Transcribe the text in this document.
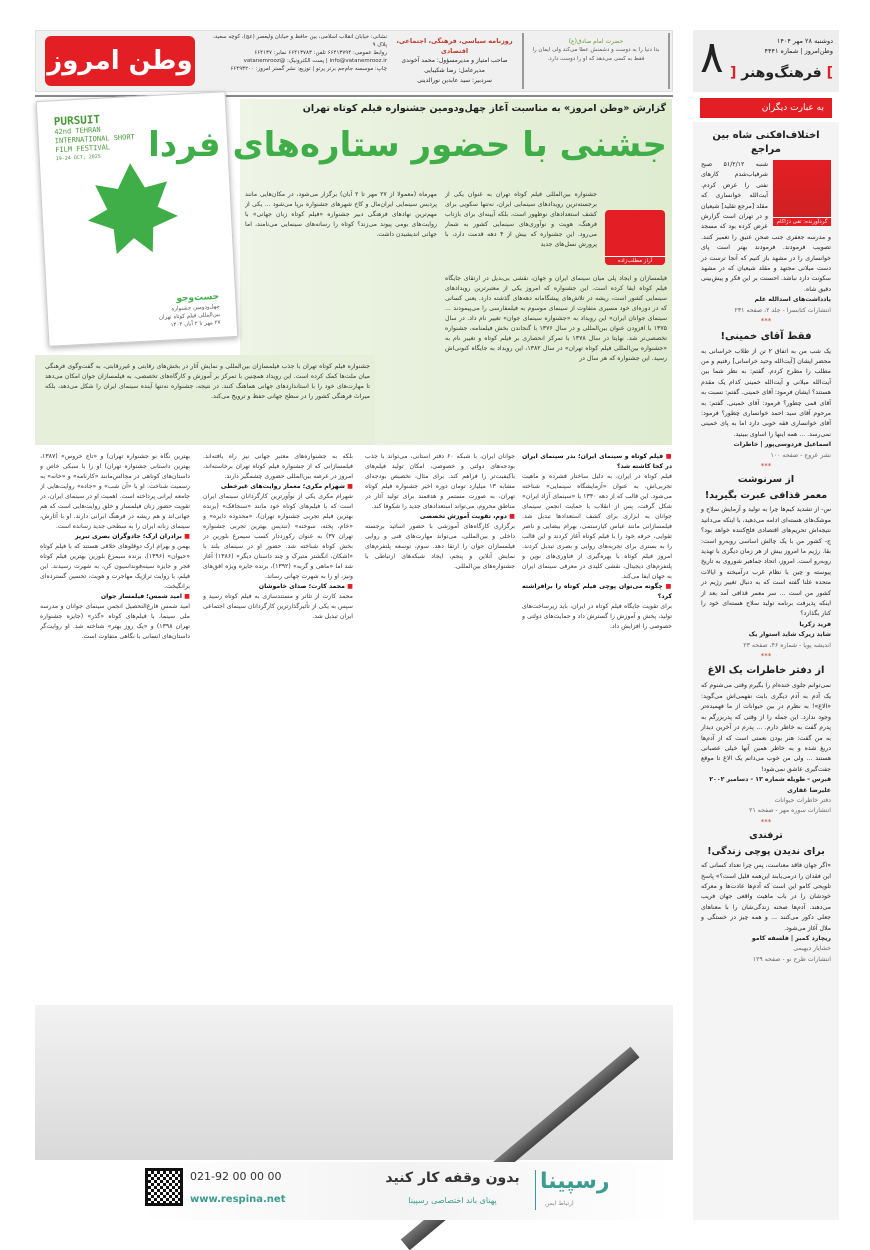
وطن امروز
نشانی: خیابان انقلاب اسلامی، بین حافظ و خیابان ولیعصر (عج)، کوچه سعید، پلاک ۹
روابط عمومی: ۶۶۴۱۳۷۹۴ تلفن: ۶۶۴۱۳۷۸۳ نمابر: ۶۶۴۱۳۷
info@vatanemrooz.ir | پست الکترونیک: @vatanemrooz
چاپ: موسسه جام‌جم برتر پرتو | توزیع: نشر گستر امروز: ۶۶۴۹۳۲۰۰
روزنامه سیاسی، فرهنگی، اجتماعی، اقتصادی
صاحب امتیاز و مدیرمسؤول: محمد آخوندی
مدیرعامل: رضا شکیبایی
سردبیر: سید عابدین نورالدینی
حضرت امام صادق(ع)
بدا دنیا را به دوست و دشمنش عطا می‌کند ولی ایمان را فقط به کسی می‌دهد که او را دوست دارد.	۸	دوشنبه ۲۸ مهر ۱۴۰۴
وطن‌امروز | شماره ۴۴۴۱
] فرهنگ‌وهنر [
به عبارت دیگران
اختلاف‌افکنی شاه بین مراجع
گردآورنده: تقی دژاکام

شنبه ۵۱/۲/۱۲ صبح شرفیاب‌شدم کارهای نفتی را عرض کردم. آیت‌الله خوانساری که مقلد [مرجع تقلید] شیعیان و در تهران است گزارش عرض کرده بود که مسجد و مدرسه جعفری جنب صحن عتیق را تعمیر کنند. تصویب فرمودند. فرمودند بهتر است پای خوانساری را در مشهد باز کنیم که آنجا ترست در دست میلانی مجتهد و مقلد شیعیان که در مشهد سکونت دارد نباشد. احسنت بر این فکر و پیش‌بینی دقیق شاه.

یادداشت‌های اسدالله علم
انتشارات کتابسرا - جلد ۲، صفحه ۲۳۱
***
فقط آقای خمینی!

یک شب من به اتفاق ۲ تن از طلاب خراسانی به محضر ایشان [آیت‌الله وحید خراسانی] رفتیم و من مطلب را مطرح کردم. گفتم: به نظر شما بین آیت‌الله میلانی و آیت‌الله خمینی کدام یک مقدم هستند؟ ایشان فرمود: آقای خمینی. گفتم: نسبت به آقای قمی چطور؟ فرمود: آقای خمینی. گفتم: به مرحوم آقای سید احمد خوانساری چطور؟ فرمود: آقای خوانساری فقه خوبی دارد اما به پای خمینی نمی‌رسد. ... همه اینها را اساوی ببینید.

اسماعیل فردوسی‌پور | خاطرات
نشر عروج - صفحه ۱۰۰
***
از سرنوشت
معمر قذافی عبرت بگیرید!

س- از تشدید کیم‌ها چرا به تولید و آزمایش سلاح و موشک‌های هسته‌ای ادامه می‌دهید، با اینکه می‌دانید نتیجه‌اش تحریم‌های اقتصادی فلج‌کننده خواهد بود؟ ج- کشور من با یک چالش اساسی روبه‌رو است: بقا. رژیم ما امروز بیش از هر زمان دیگری با تهدید روبه‌رو است. امروز، اتحاد جماهیر شوروی به تاریخ پیوسته و چین با نظام غرب درآمیخته و ایالات متحده علنا گفته است که به دنبال تغییر رژیم در کشور من است ... سر معمر قذافی آمد بعد از اینکه پذیرفت برنامه تولید سلاح هسته‌ای خود را کنار بگذارد؟

فرید زکریا
شاید زیرک شاید استوار یک
اندیشه پویا - شماره ۴۶، صفحه ۲۳
***
از دفتر خاطرات یک الاغ

نمی‌توانم جلوی خنده‌ام را بگیرم وقتی می‌شنوم که یک آدم به آدم دیگری بابت نفهمی‌اش می‌گوید: «الاغ»! به نظرم در بین حیوانات از ما فهمیده‌تر وجود ندارد. این جمله را از وقتی که پدربزرگم به پدرم گفت به خاطر دارم. ... پدرم در آخرین دیدار به من گفت: هنر بودن نعمتی است که از آدم‌ها دریغ شده و به خاطر همین آنها خیلی عصبانی هستند ... ولی من خوب می‌دانم یک الاغ تا موقع جفت‌گیری عاشق نمی‌شود!

قبرس - طویله شماره ۱۳ - دسامبر ۲۰۰۲
علیرضا غفاری
دفتر خاطرات حیوانات
انتشارات سوره مهر - صفحه ۲۱
***
ترفندی
برای ندیدن پوچی زندگی!

«اگر جهان فاقد معناست، پس چرا تعداد کسانی که این فقدان را درمی‌یابند این‌همه قلیل است؟» پاسخ تلویحی کامو این است که آدم‌ها عادت‌ها و معرکه خودشان را در باب ماهیت واقعی جهان فریب می‌دهند. آدم‌ها صحنه زندگی‌شان را با معناهای جعلی دکور می‌کنند ... و همه چیز در خستگی و ملال آغاز می‌شود.

ریچارد کمبر | فلسفه کامو
خشایار دیهیمی
انتشارات طرح نو - صفحه ۱۲۹
PURSUIT
42nd TEHRAN INTERNATIONAL SHORT FILM FESTIVAL
19-24 OCT, 2025
جست‌وجو
چهل‌ودومین جشنواره بین‌المللی فیلم کوتاه تهران
۲۷ مهر تا ۲ آبان ۱۴۰۴
گزارش «وطن امروز» به مناسبت آغاز چهل‌ودومین جشنواره فیلم کوتاه تهران
جشنی با حضور ستاره‌های فردا
آراز مطلب‌زاده
جشنواره بین‌المللی فیلم کوتاه تهران به عنوان یکی از برجسته‌ترین رویدادهای سینمایی ایران، نه‌تنها سکویی برای کشف استعدادهای نوظهور است، بلکه آیینه‌ای برای بازتاب فرهنگ، هویت و نوآوری‌های سینمایی کشور به شمار می‌رود. این جشنواره که بیش از ۴ دهه قدمت دارد، با پرورش نسل‌های جدید
فیلمسازان و ایجاد پلی میان سینمای ایران و جهان، نقشی بی‌بدیل در ارتقای جایگاه فیلم کوتاه ایفا کرده است. این جشنواره که امروز یکی از معتبرترین رویدادهای سینمایی کشور است، ریشه در تلاش‌های پیشگامانه دهه‌های گذشته دارد. یعنی کسانی که در دوره‌ای خود مسیری متفاوت از سینمای موسوم به فیلمفارسی را می‌پیمودند ... سینمای جوانان ایران» این رویداد به «جشنواره سینمای جوان» تغییر نام داد. در سال ۱۳۷۵ با افزودن عنوان بین‌المللی و در سال ۱۳۷۶ با گنجاندن بخش فیلمنامه، جشنواره تخصصی‌تر شد. نهایتا در سال ۱۳۷۸ با تمرکز انحصاری بر فیلم کوتاه و تغییر نام به «جشنواره بین‌المللی فیلم کوتاه تهران» در سال ۱۳۸۲، این رویداد به جایگاه کنونی‌اش رسید. این جشنواره که هر سال در
مهرماه (معمولا از ۲۷ مهر تا ۲ آبان) برگزار می‌شود، در مکان‌هایی مانند پردیس سینمایی ایران‌مال و کاخ شهرهای جشنواره برپا می‌شود ... یکی از مهم‌ترین نهادهای فرهنگی دبیر جشنواره «فیلم کوتاه زبان جهانی» با روایت‌های بومی پیوند می‌زند؟ کوتاه را رسانه‌های سینمایی می‌نامند، اما جهانی اندیشیدن داشت.
جشنواره فیلم کوتاه تهران با جذب فیلمسازان بین‌المللی و نمایش آثار در بخش‌های رقابتی و غیررقابتی، به گفت‌وگوی فرهنگی میان ملت‌ها کمک کرده است. این رویداد همچنین با تمرکز بر آموزش و کارگاه‌های تخصصی، به فیلمسازان جوان امکان می‌دهد تا مهارت‌های خود را با استانداردهای جهانی هماهنگ کنند. در نتیجه، جشنواره نه‌تنها آینده سینمای ایران را شکل می‌دهد، بلکه میراث فرهنگی کشور را در سطح جهانی حفظ و ترویج می‌کند.
■ فیلم کوتاه و سینمای ایران؛ بذر سینمای ایران در کجا کاشته شد؟

فیلم کوتاه در ایران، به دلیل ساختار فشرده و ماهیت تجربی‌اش، به عنوان «آزمایشگاه سینمایی» شناخته می‌شود. این قالب که از دهه ۱۳۴۰ با «سینمای آزاد ایران» شکل گرفت، پس از انقلاب با حمایت انجمن سینمای جوانان به ابزاری برای کشف استعدادها تبدیل شد. فیلمسازانی مانند عباس کیارستمی، بهرام بیضایی و ناصر تقوایی، حرفه خود را با فیلم کوتاه آغاز کردند و این قالب را به بستری برای تجربه‌های روایی و بصری تبدیل کردند. امروز فیلم کوتاه با بهره‌گیری از فناوری‌های نوین و پلتفرم‌های دیجیتال، نقشی کلیدی در معرفی سینمای ایران به جهان ایفا می‌کند.

■ چگونه می‌توان پوچی فیلم کوتاه را برافراشته کرد؟

برای تقویت جایگاه فیلم کوتاه در ایران، باید زیرساخت‌های تولید، پخش و آموزش را گسترش داد و حمایت‌های دولتی و خصوصی را افزایش داد.

جوانان ایران، با شبکه ۶۰ دفتر استانی، می‌تواند با جذب بودجه‌های دولتی و خصوصی، امکان تولید فیلم‌های باکیفیت‌تر را فراهم کند. برای مثال، تخصیص بودجه‌ای مشابه ۱۳ میلیارد تومان دوره اخیر جشنواره فیلم کوتاه تهران، به صورت مستمر و هدفمند برای تولید آثار در مناطق محروم، می‌تواند استعدادهای جدید را شکوفا کند.

■ دوم، تقویت آموزش تخصصی

برگزاری کارگاه‌های آموزشی با حضور اساتید برجسته داخلی و بین‌المللی، می‌تواند مهارت‌های فنی و روایی فیلمسازان جوان را ارتقا دهد. سوم، توسعه پلتفرم‌های نمایش آنلاین و پنجم، ایجاد شبکه‌های ارتباطی با جشنواره‌های بین‌المللی.

بلکه به جشنواره‌های معتبر جهانی نیز راه یافته‌اند. فیلمسازانی که از جشنواره فیلم کوتاه تهران برخاسته‌اند، امروز در عرصه بین‌المللی حضوری چشمگیر دارند.

■ شهرام مکری؛ معمار روایت‌های غیرخطی

شهرام مکری یکی از نوآورترین کارگردانان سینمای ایران است که با فیلم‌های کوتاه خود مانند «سنجاقک» (برنده بهترین فیلم تجربی جشنواره تهران)، «محدوده دایره» و «خام، پخته، سوخته» (تندیس بهترین تجربی جشنواره تهران ۳۷) به عنوان رکورددار کسب سیمرغ بلورین در بخش کوتاه شناخته شد. حضور او در سینمای بلند با «اشکان، انگشتر متبرک و چند داستان دیگر» (۱۳۸۶) آغاز شد اما «ماهی و گربه» (۱۳۹۲)، برنده جایزه ویژه افق‌های ونیز، او را به شهرت جهانی رساند.

■ محمد کارت؛ صدای خاموشان

محمد کارت از تئاتر و مستندسازی به فیلم کوتاه رسید و سپس به یکی از تأثیرگذارترین کارگردانان سینمای اجتماعی ایران تبدیل شد.

بهترین نگاه نو جشنواره تهران) و «تاج خروس» (۱۳۸۷، بهترین داستانی جشنواره تهران) او را با سبکی خاص و داستان‌های کوتاهی در مجالس‌مانند «کارنامه» و «خانه» به رسمیت شناخت. او با «آن شب» و «جاده» روایت‌هایی از جامعه ایرانی پرداخته است. اهمیت او در سینمای ایران، در تقویت حضور زنان فیلمساز و خلق روایت‌هایی است که هم جهانی‌اند و هم ریشه در فرهنگ ایرانی دارند. او با آثارش، سینمای زنانه ایران را به سطحی جدید رسانده است.

■ برادران ارک؛ جادوگران بصری تبریز

بهمن و بهرام ارک دوقلوهای خلاقی هستند که با فیلم کوتاه «حیوان» (۱۳۹۶)، برنده سیمرغ بلورین بهترین فیلم کوتاه فجر و جایزه سینه‌فونداسیون کن، به شهرت رسیدند. این فیلم، با روایت تراژیک مهاجرت و هویت، تحسین گسترده‌ای برانگیخت.

■ امید شمس؛ فیلمساز جوان

امید شمس فارغ‌التحصیل انجمن سینمای جوانان و مدرسه ملی سینما، با فیلم‌های کوتاه «گذر» (جایزه جشنواره تهران ۱۳۹۸) و «یک روز بهتر» شناخته شد. او روایت‌گر داستان‌های انسانی با نگاهی متفاوت است.

رسپینا
ارتباط ایمن
بدون وقفه کار کنید
پهنای باند اختصاصی رسپینا
021-92 00 00 00
www.respina.net
